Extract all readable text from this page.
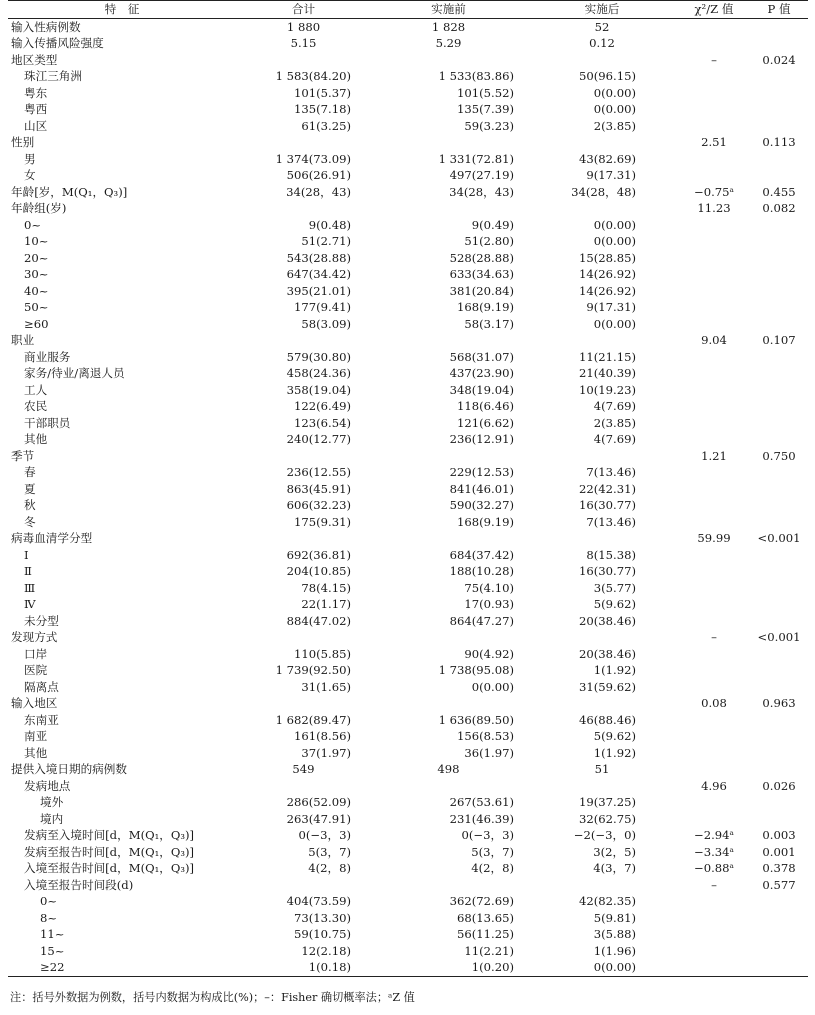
特　征	合计	实施前	实施后	χ²/Z 值	P 值
输入性病例数	1 880	1 828	52		
输入传播风险强度	5.15	5.29	0.12		
地区类型				–	0.024
珠江三角洲	1 583(84.20)	1 533(83.86)	50(96.15)		
粤东	101(5.37)	101(5.52)	0(0.00)		
粤西	135(7.18)	135(7.39)	0(0.00)		
山区	61(3.25)	59(3.23)	2(3.85)		
性别				2.51	0.113
男	1 374(73.09)	1 331(72.81)	43(82.69)		
女	506(26.91)	497(27.19)	9(17.31)		
年龄[岁，M(Q₁，Q₃)]	34(28，43)	34(28，43)	34(28，48)	−0.75ᵃ	0.455
年龄组(岁)				11.23	0.082
0~	9(0.48)	9(0.49)	0(0.00)		
10~	51(2.71)	51(2.80)	0(0.00)		
20~	543(28.88)	528(28.88)	15(28.85)		
30~	647(34.42)	633(34.63)	14(26.92)		
40~	395(21.01)	381(20.84)	14(26.92)		
50~	177(9.41)	168(9.19)	9(17.31)		
≥60	58(3.09)	58(3.17)	0(0.00)		
职业				9.04	0.107
商业服务	579(30.80)	568(31.07)	11(21.15)		
家务/待业/离退人员	458(24.36)	437(23.90)	21(40.39)		
工人	358(19.04)	348(19.04)	10(19.23)		
农民	122(6.49)	118(6.46)	4(7.69)		
干部职员	123(6.54)	121(6.62)	2(3.85)		
其他	240(12.77)	236(12.91)	4(7.69)		
季节				1.21	0.750
春	236(12.55)	229(12.53)	7(13.46)		
夏	863(45.91)	841(46.01)	22(42.31)		
秋	606(32.23)	590(32.27)	16(30.77)		
冬	175(9.31)	168(9.19)	7(13.46)		
病毒血清学分型				59.99	<0.001
Ⅰ	692(36.81)	684(37.42)	8(15.38)		
Ⅱ	204(10.85)	188(10.28)	16(30.77)		
Ⅲ	78(4.15)	75(4.10)	3(5.77)		
Ⅳ	22(1.17)	17(0.93)	5(9.62)		
未分型	884(47.02)	864(47.27)	20(38.46)		
发现方式				–	<0.001
口岸	110(5.85)	90(4.92)	20(38.46)		
医院	1 739(92.50)	1 738(95.08)	1(1.92)		
隔离点	31(1.65)	0(0.00)	31(59.62)		
输入地区				0.08	0.963
东南亚	1 682(89.47)	1 636(89.50)	46(88.46)		
南亚	161(8.56)	156(8.53)	5(9.62)		
其他	37(1.97)	36(1.97)	1(1.92)		
提供入境日期的病例数	549	498	51		
发病地点				4.96	0.026
境外	286(52.09)	267(53.61)	19(37.25)		
境内	263(47.91)	231(46.39)	32(62.75)		
发病至入境时间[d，M(Q₁，Q₃)]	0(−3，3)	0(−3，3)	−2(−3，0)	−2.94ᵃ	0.003
发病至报告时间[d，M(Q₁，Q₃)]	5(3，7)	5(3，7)	3(2，5)	−3.34ᵃ	0.001
入境至报告时间[d，M(Q₁，Q₃)]	4(2，8)	4(2，8)	4(3，7)	−0.88ᵃ	0.378
入境至报告时间段(d)				–	0.577
0~	404(73.59)	362(72.69)	42(82.35)		
8~	73(13.30)	68(13.65)	5(9.81)		
11~	59(10.75)	56(11.25)	3(5.88)		
15~	12(2.18)	11(2.21)	1(1.96)		
≥22	1(0.18)	1(0.20)	0(0.00)		
注：括号外数据为例数，括号内数据为构成比(%)；–：Fisher 确切概率法；ᵃZ 值
